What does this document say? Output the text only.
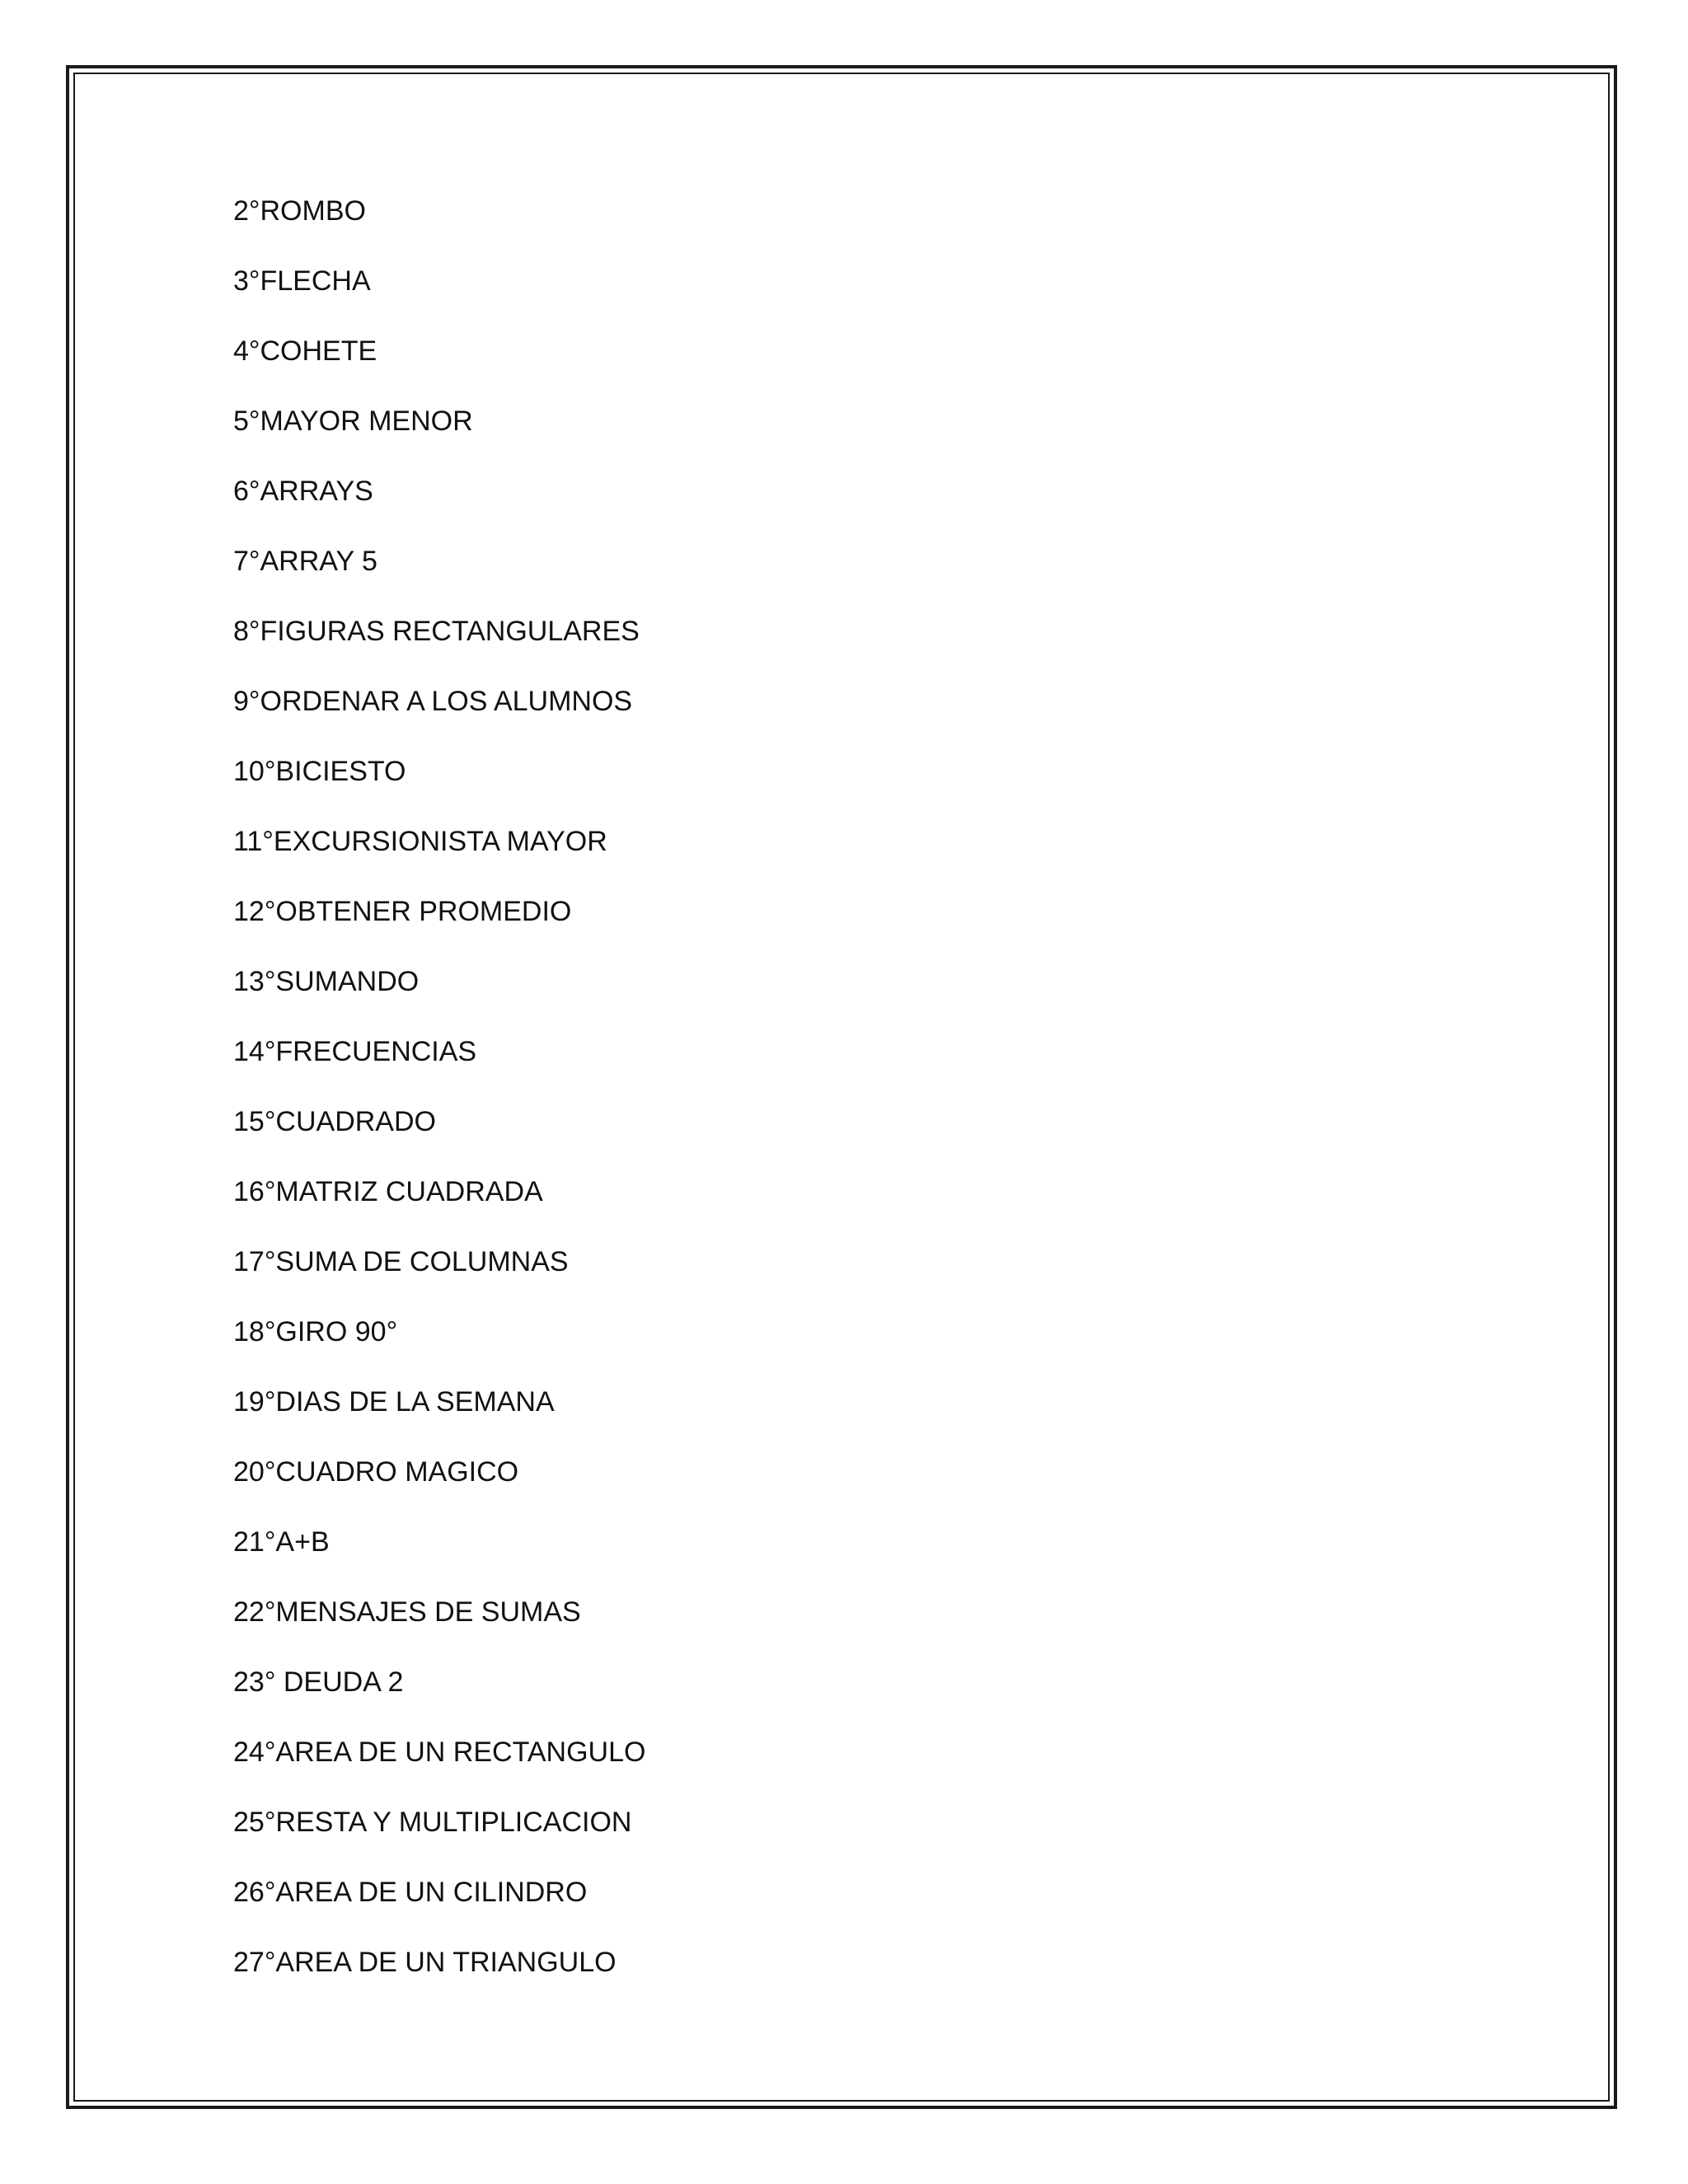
2°ROMBO
3°FLECHA
4°COHETE
5°MAYOR MENOR
6°ARRAYS
7°ARRAY 5
8°FIGURAS RECTANGULARES
9°ORDENAR A LOS ALUMNOS
10°BICIESTO
11°EXCURSIONISTA MAYOR
12°OBTENER PROMEDIO
13°SUMANDO
14°FRECUENCIAS
15°CUADRADO
16°MATRIZ CUADRADA
17°SUMA DE COLUMNAS
18°GIRO 90°
19°DIAS DE LA SEMANA
20°CUADRO MAGICO
21°A+B
22°MENSAJES DE SUMAS
23° DEUDA 2
24°AREA DE UN RECTANGULO
25°RESTA Y MULTIPLICACION
26°AREA DE UN CILINDRO
27°AREA DE UN TRIANGULO
